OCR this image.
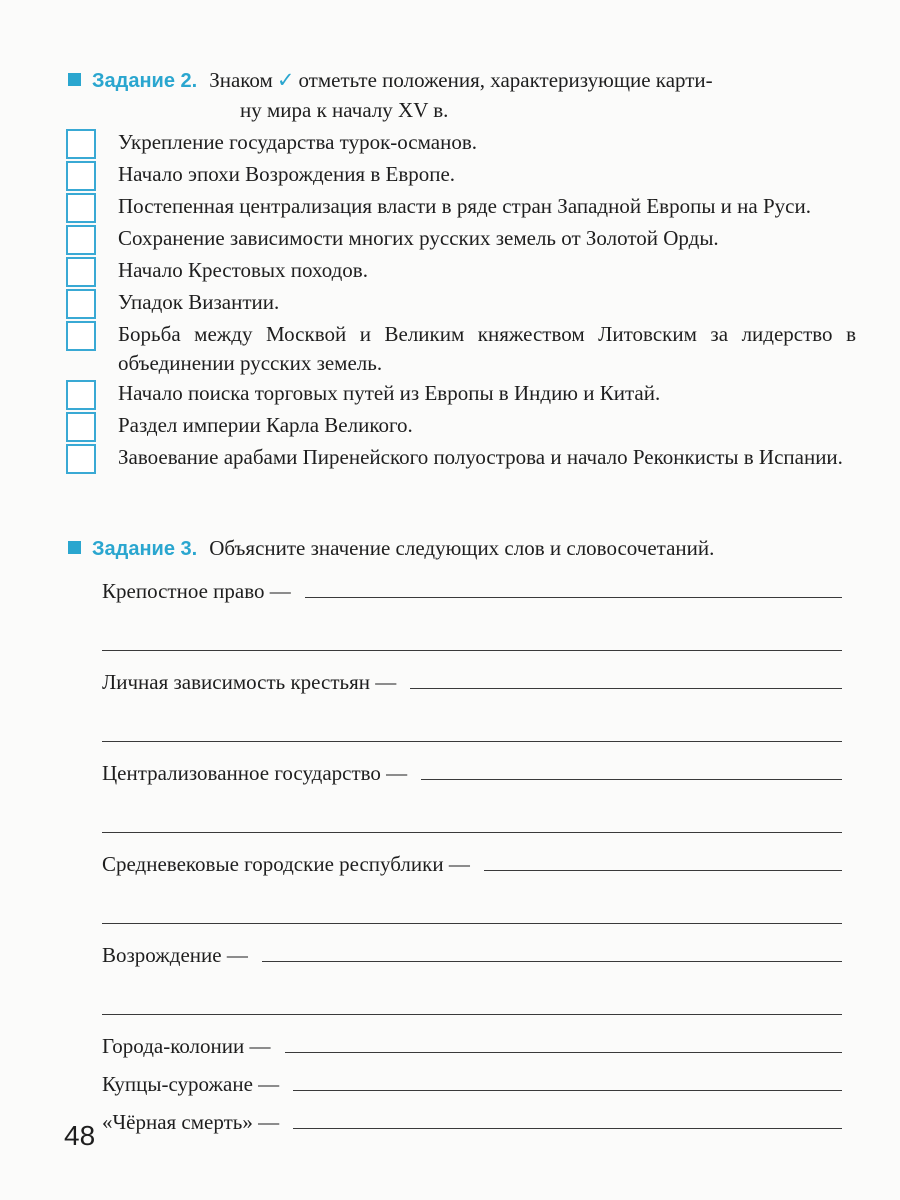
Задание 2. Знаком ✓ отметьте положения, характеризующие карти-
ну мира к началу XV в.
Укрепление государства турок-османов.
Начало эпохи Возрождения в Европе.
Постепенная централизация власти в ряде стран Западной Европы и на Руси.
Сохранение зависимости многих русских земель от Золотой Орды.
Начало Крестовых походов.
Упадок Византии.
Борьба между Москвой и Великим княжеством Литовским за лидерство в объединении русских земель.
Начало поиска торговых путей из Европы в Индию и Китай.
Раздел империи Карла Великого.
Завоевание арабами Пиренейского полуострова и начало Реконкисты в Испании.
Задание 3. Объясните значение следующих слов и словосочетаний.
Крепостное право —
Личная зависимость крестьян —
Централизованное государство —
Средневековые городские республики —
Возрождение —
Города-колонии —
Купцы-сурожане —
«Чёрная смерть» —
48
